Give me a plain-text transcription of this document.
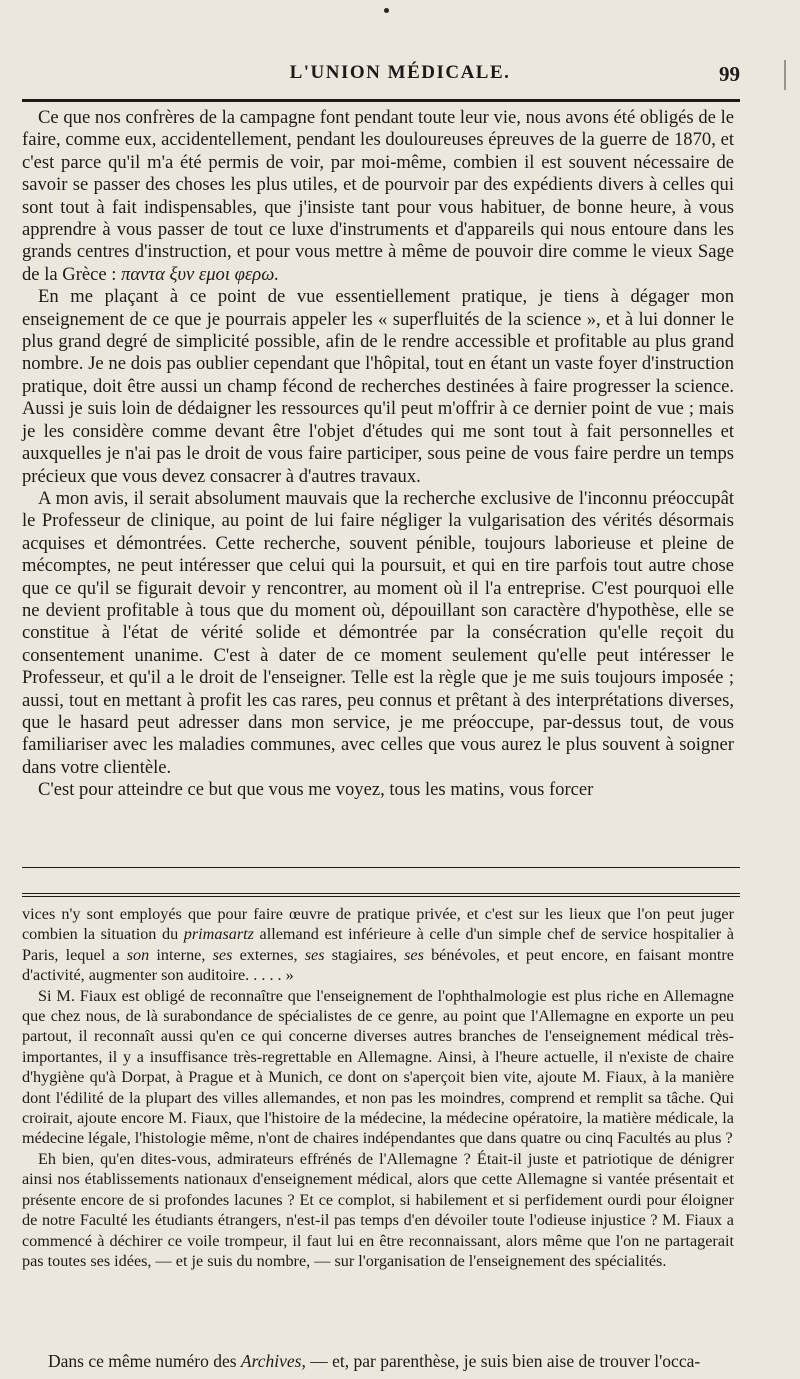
L'UNION MÉDICALE.	99

Ce que nos confrères de la campagne font pendant toute leur vie, nous avons été obligés de le faire, comme eux, accidentellement, pendant les douloureuses épreuves de la guerre de 1870, et c'est parce qu'il m'a été permis de voir, par moi-même, combien il est souvent nécessaire de savoir se passer des choses les plus utiles, et de pourvoir par des expédients divers à celles qui sont tout à fait indispensables, que j'insiste tant pour vous habituer, de bonne heure, à vous apprendre à vous passer de tout ce luxe d'instruments et d'appareils qui nous entoure dans les grands centres d'instruction, et pour vous mettre à même de pouvoir dire comme le vieux Sage de la Grèce : παντα ξυν εμοι φερω.

En me plaçant à ce point de vue essentiellement pratique, je tiens à dégager mon enseignement de ce que je pourrais appeler les « superfluités de la science », et à lui donner le plus grand degré de simplicité possible, afin de le rendre accessible et profitable au plus grand nombre. Je ne dois pas oublier cependant que l'hôpital, tout en étant un vaste foyer d'instruction pratique, doit être aussi un champ fécond de recherches destinées à faire progresser la science. Aussi je suis loin de dédaigner les ressources qu'il peut m'offrir à ce dernier point de vue ; mais je les considère comme devant être l'objet d'études qui me sont tout à fait personnelles et auxquelles je n'ai pas le droit de vous faire participer, sous peine de vous faire perdre un temps précieux que vous devez consacrer à d'autres travaux.

A mon avis, il serait absolument mauvais que la recherche exclusive de l'inconnu préoccupât le Professeur de clinique, au point de lui faire négliger la vulgarisation des vérités désormais acquises et démontrées. Cette recherche, souvent pénible, toujours laborieuse et pleine de mécomptes, ne peut intéresser que celui qui la poursuit, et qui en tire parfois tout autre chose que ce qu'il se figurait devoir y rencontrer, au moment où il l'a entreprise. C'est pourquoi elle ne devient profitable à tous que du moment où, dépouillant son caractère d'hypothèse, elle se constitue à l'état de vérité solide et démontrée par la consécration qu'elle reçoit du consentement unanime. C'est à dater de ce moment seulement qu'elle peut intéresser le Professeur, et qu'il a le droit de l'enseigner. Telle est la règle que je me suis toujours imposée ; aussi, tout en mettant à profit les cas rares, peu connus et prêtant à des interprétations diverses, que le hasard peut adresser dans mon service, je me préoccupe, par-dessus tout, de vous familiariser avec les maladies communes, avec celles que vous aurez le plus souvent à soigner dans votre clientèle.

C'est pour atteindre ce but que vous me voyez, tous les matins, vous forcer

vices n'y sont employés que pour faire œuvre de pratique privée, et c'est sur les lieux que l'on peut juger combien la situation du primasartz allemand est inférieure à celle d'un simple chef de service hospitalier à Paris, lequel a son interne, ses externes, ses stagiaires, ses bénévoles, et peut encore, en faisant montre d'activité, augmenter son auditoire. . . . . »

Si M. Fiaux est obligé de reconnaître que l'enseignement de l'ophthalmologie est plus riche en Allemagne que chez nous, de là surabondance de spécialistes de ce genre, au point que l'Allemagne en exporte un peu partout, il reconnaît aussi qu'en ce qui concerne diverses autres branches de l'enseignement médical très-importantes, il y a insuffisance très-regrettable en Allemagne. Ainsi, à l'heure actuelle, il n'existe de chaire d'hygiène qu'à Dorpat, à Prague et à Munich, ce dont on s'aperçoit bien vite, ajoute M. Fiaux, à la manière dont l'édilité de la plupart des villes allemandes, et non pas les moindres, comprend et remplit sa tâche. Qui croirait, ajoute encore M. Fiaux, que l'histoire de la médecine, la médecine opératoire, la matière médicale, la médecine légale, l'histologie même, n'ont de chaires indépendantes que dans quatre ou cinq Facultés au plus ?

Eh bien, qu'en dites-vous, admirateurs effrénés de l'Allemagne ? Était-il juste et patriotique de dénigrer ainsi nos établissements nationaux d'enseignement médical, alors que cette Allemagne si vantée présentait et présente encore de si profondes lacunes ? Et ce complot, si habilement et si perfidement ourdi pour éloigner de notre Faculté les étudiants étrangers, n'est-il pas temps d'en dévoiler toute l'odieuse injustice ? M. Fiaux a commencé à déchirer ce voile trompeur, il faut lui en être reconnaissant, alors même que l'on ne partagerait pas toutes ses idées, — et je suis du nombre, — sur l'organisation de l'enseignement des spécialités.

Dans ce même numéro des Archives, — et, par parenthèse, je suis bien aise de trouver l'occa-
